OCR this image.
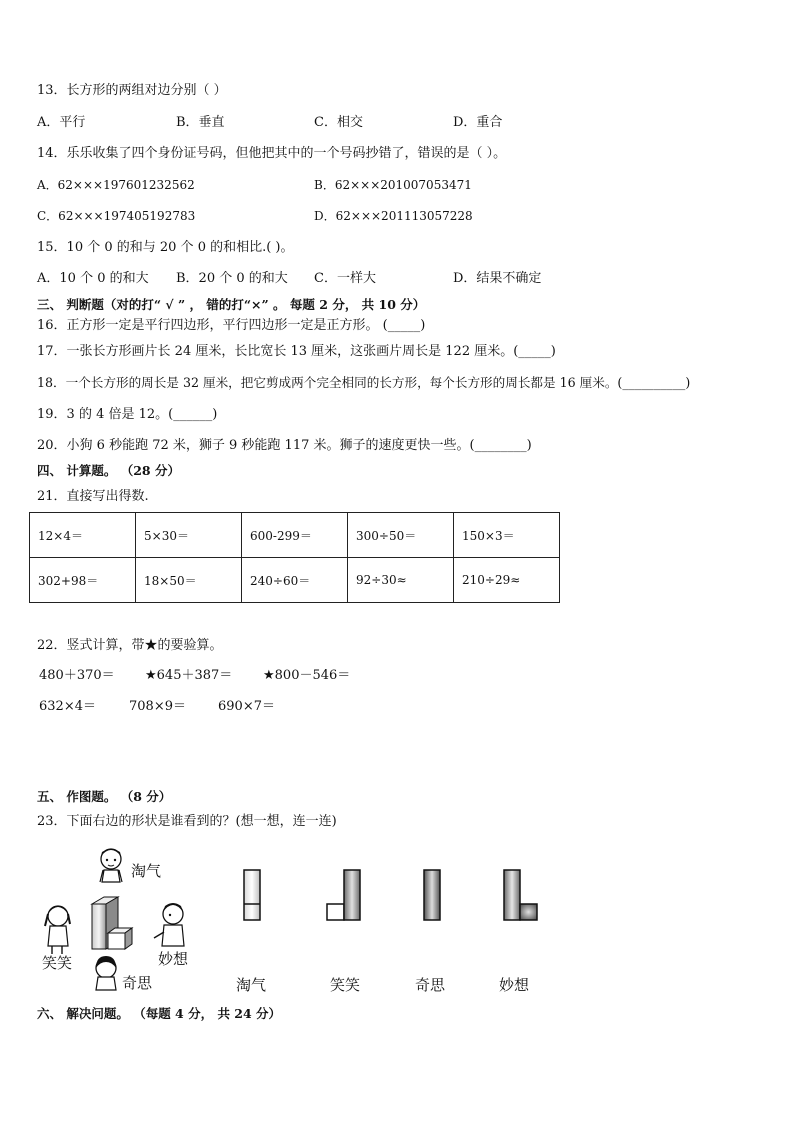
13．长方形的两组对边分别（ ）
A．平行	B．垂直	C．相交	D．重合
14．乐乐收集了四个身份证号码，但他把其中的一个号码抄错了，错误的是（ ）。
A．62×××197601232562	B．62×××201007053471
C．62×××197405192783	D．62×××201113057228
15．10 个 0 的和与 20 个 0 的和相比.( )。
A．10 个 0 的和大 B．20 个 0 的和大 C．一样大	D．结果不确定
三、 判断题（对的打“ √ ” ， 错的打“×” 。 每题 2 分， 共 10 分）
16．正方形一定是平行四边形，平行四边形一定是正方形。 (_____)
17．一张长方形画片长 24 厘米，长比宽长 13 厘米，这张画片周长是 122 厘米。(_____)
18．一个长方形的周长是 32 厘米，把它剪成两个完全相同的长方形，每个长方形的周长都是 16 厘米。(__________)
19．3 的 4 倍是 12。(______)
20．小狗 6 秒能跑 72 米，狮子 9 秒能跑 117 米。狮子的速度更快一些。(________)
四、 计算题。 （28 分）
21．直接写出得数.
12×4＝	5×30＝	600-299＝	300÷50＝	150×3＝
302+98＝	18×50＝	240÷60＝	92÷30≈	210÷29≈
22．竖式计算，带★的要验算。
480＋370＝ ★645＋387＝ ★800－546＝
632×4＝	708×9＝ 690×7＝
五、 作图题。 （8 分）
23．下面右边的形状是谁看到的？(想一想，连一连)
淘气
笑笑	妙想
奇思	淘气	笑笑	奇思	妙想
六、 解决问题。 （每题 4 分， 共 24 分）
